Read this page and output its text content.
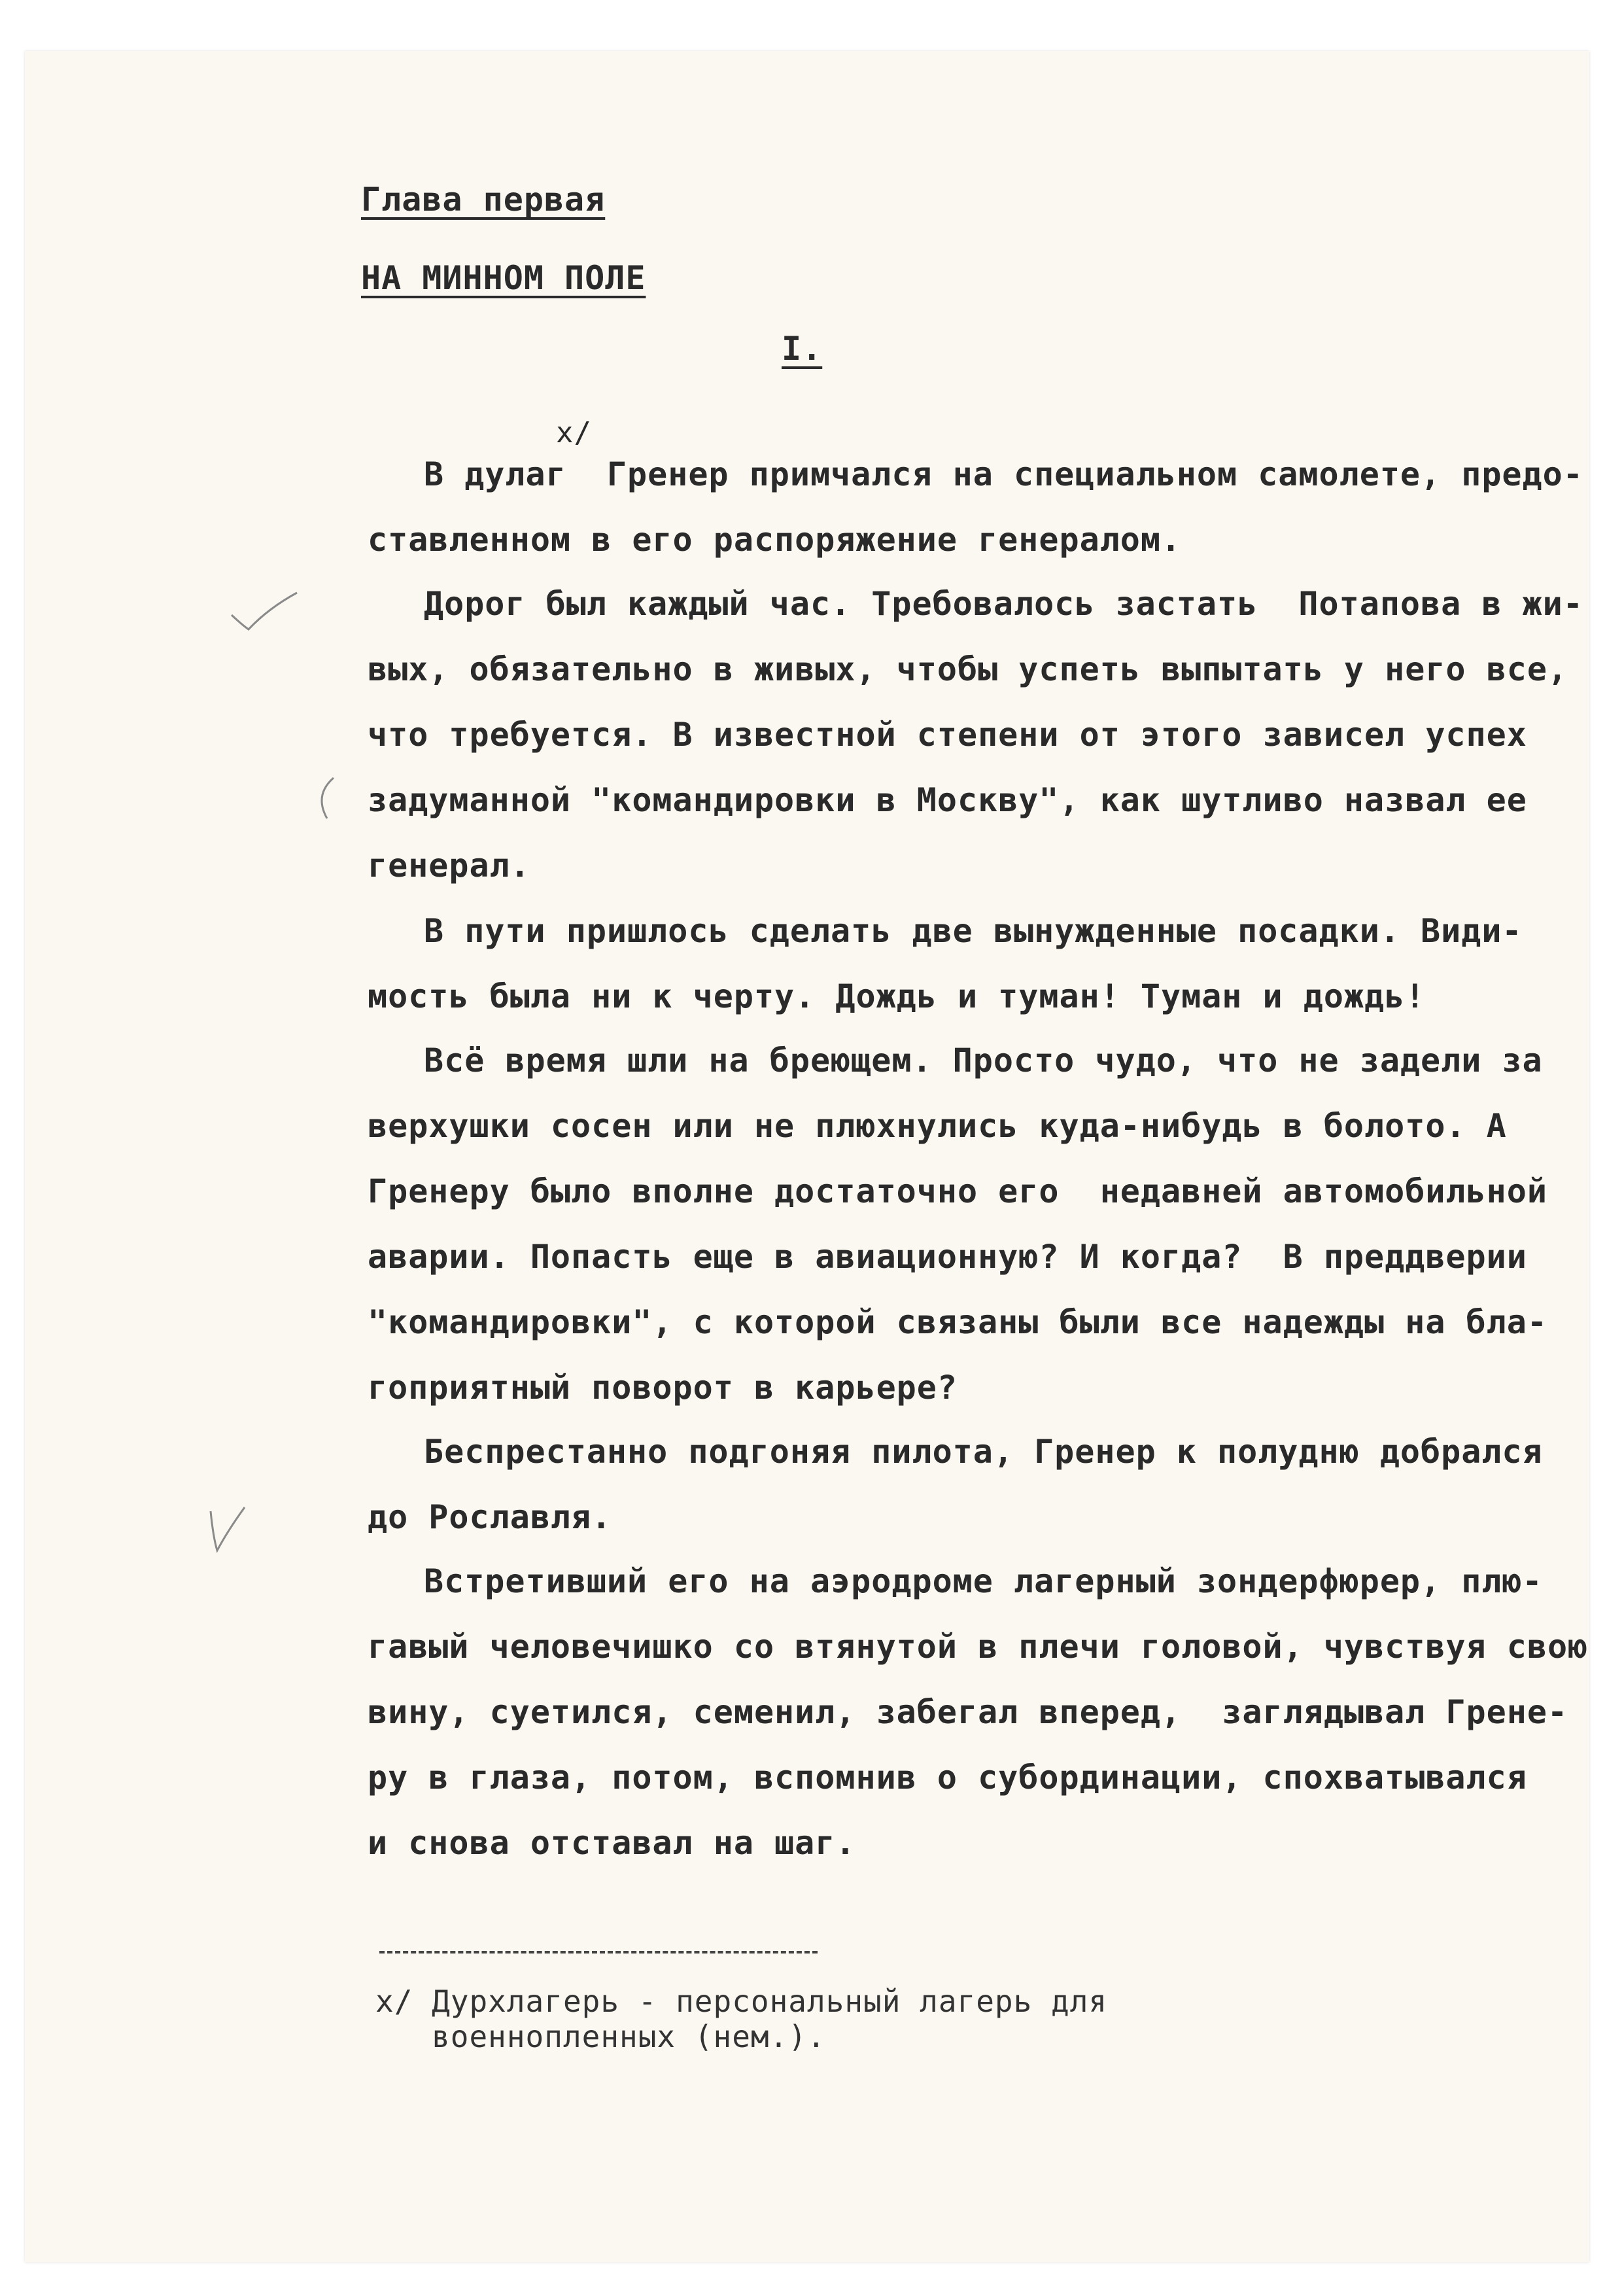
Глава первая
НА МИННОМ ПОЛЕ
I.
х/
В дулаг  Гренер примчался на специальном самолете, предо-
ставленном в его распоряжение генералом.
Дорог был каждый час. Требовалось застать  Потапова в жи-
вых, обязательно в живых, чтобы успеть выпытать у него все,
что требуется. В известной степени от этого зависел успех
задуманной "командировки в Москву", как шутливо назвал ее
генерал.
В пути пришлось сделать две вынужденные посадки. Види-
мость была ни к черту. Дождь и туман! Туман и дождь!
Всё время шли на бреющем. Просто чудо, что не задели за
верхушки сосен или не плюхнулись куда-нибудь в болото. А
Гренеру было вполне достаточно его  недавней автомобильной
аварии. Попасть еще в авиационную? И когда?  В преддверии
"командировки", с которой связаны были все надежды на бла-
гоприятный поворот в карьере?
Беспрестанно подгоняя пилота, Гренер к полудню добрался
до Рославля.
Встретивший его на аэродроме лагерный зондерфюрер, плю-
гавый человечишко со втянутой в плечи головой, чувствуя свою
вину, суетился, семенил, забегал вперед,  заглядывал Грене-
ру в глаза, потом, вспомнив о субординации, спохватывался
и снова отставал на шаг.
х/ Дурхлагерь - персональный лагерь для
военнопленных (нем.).
